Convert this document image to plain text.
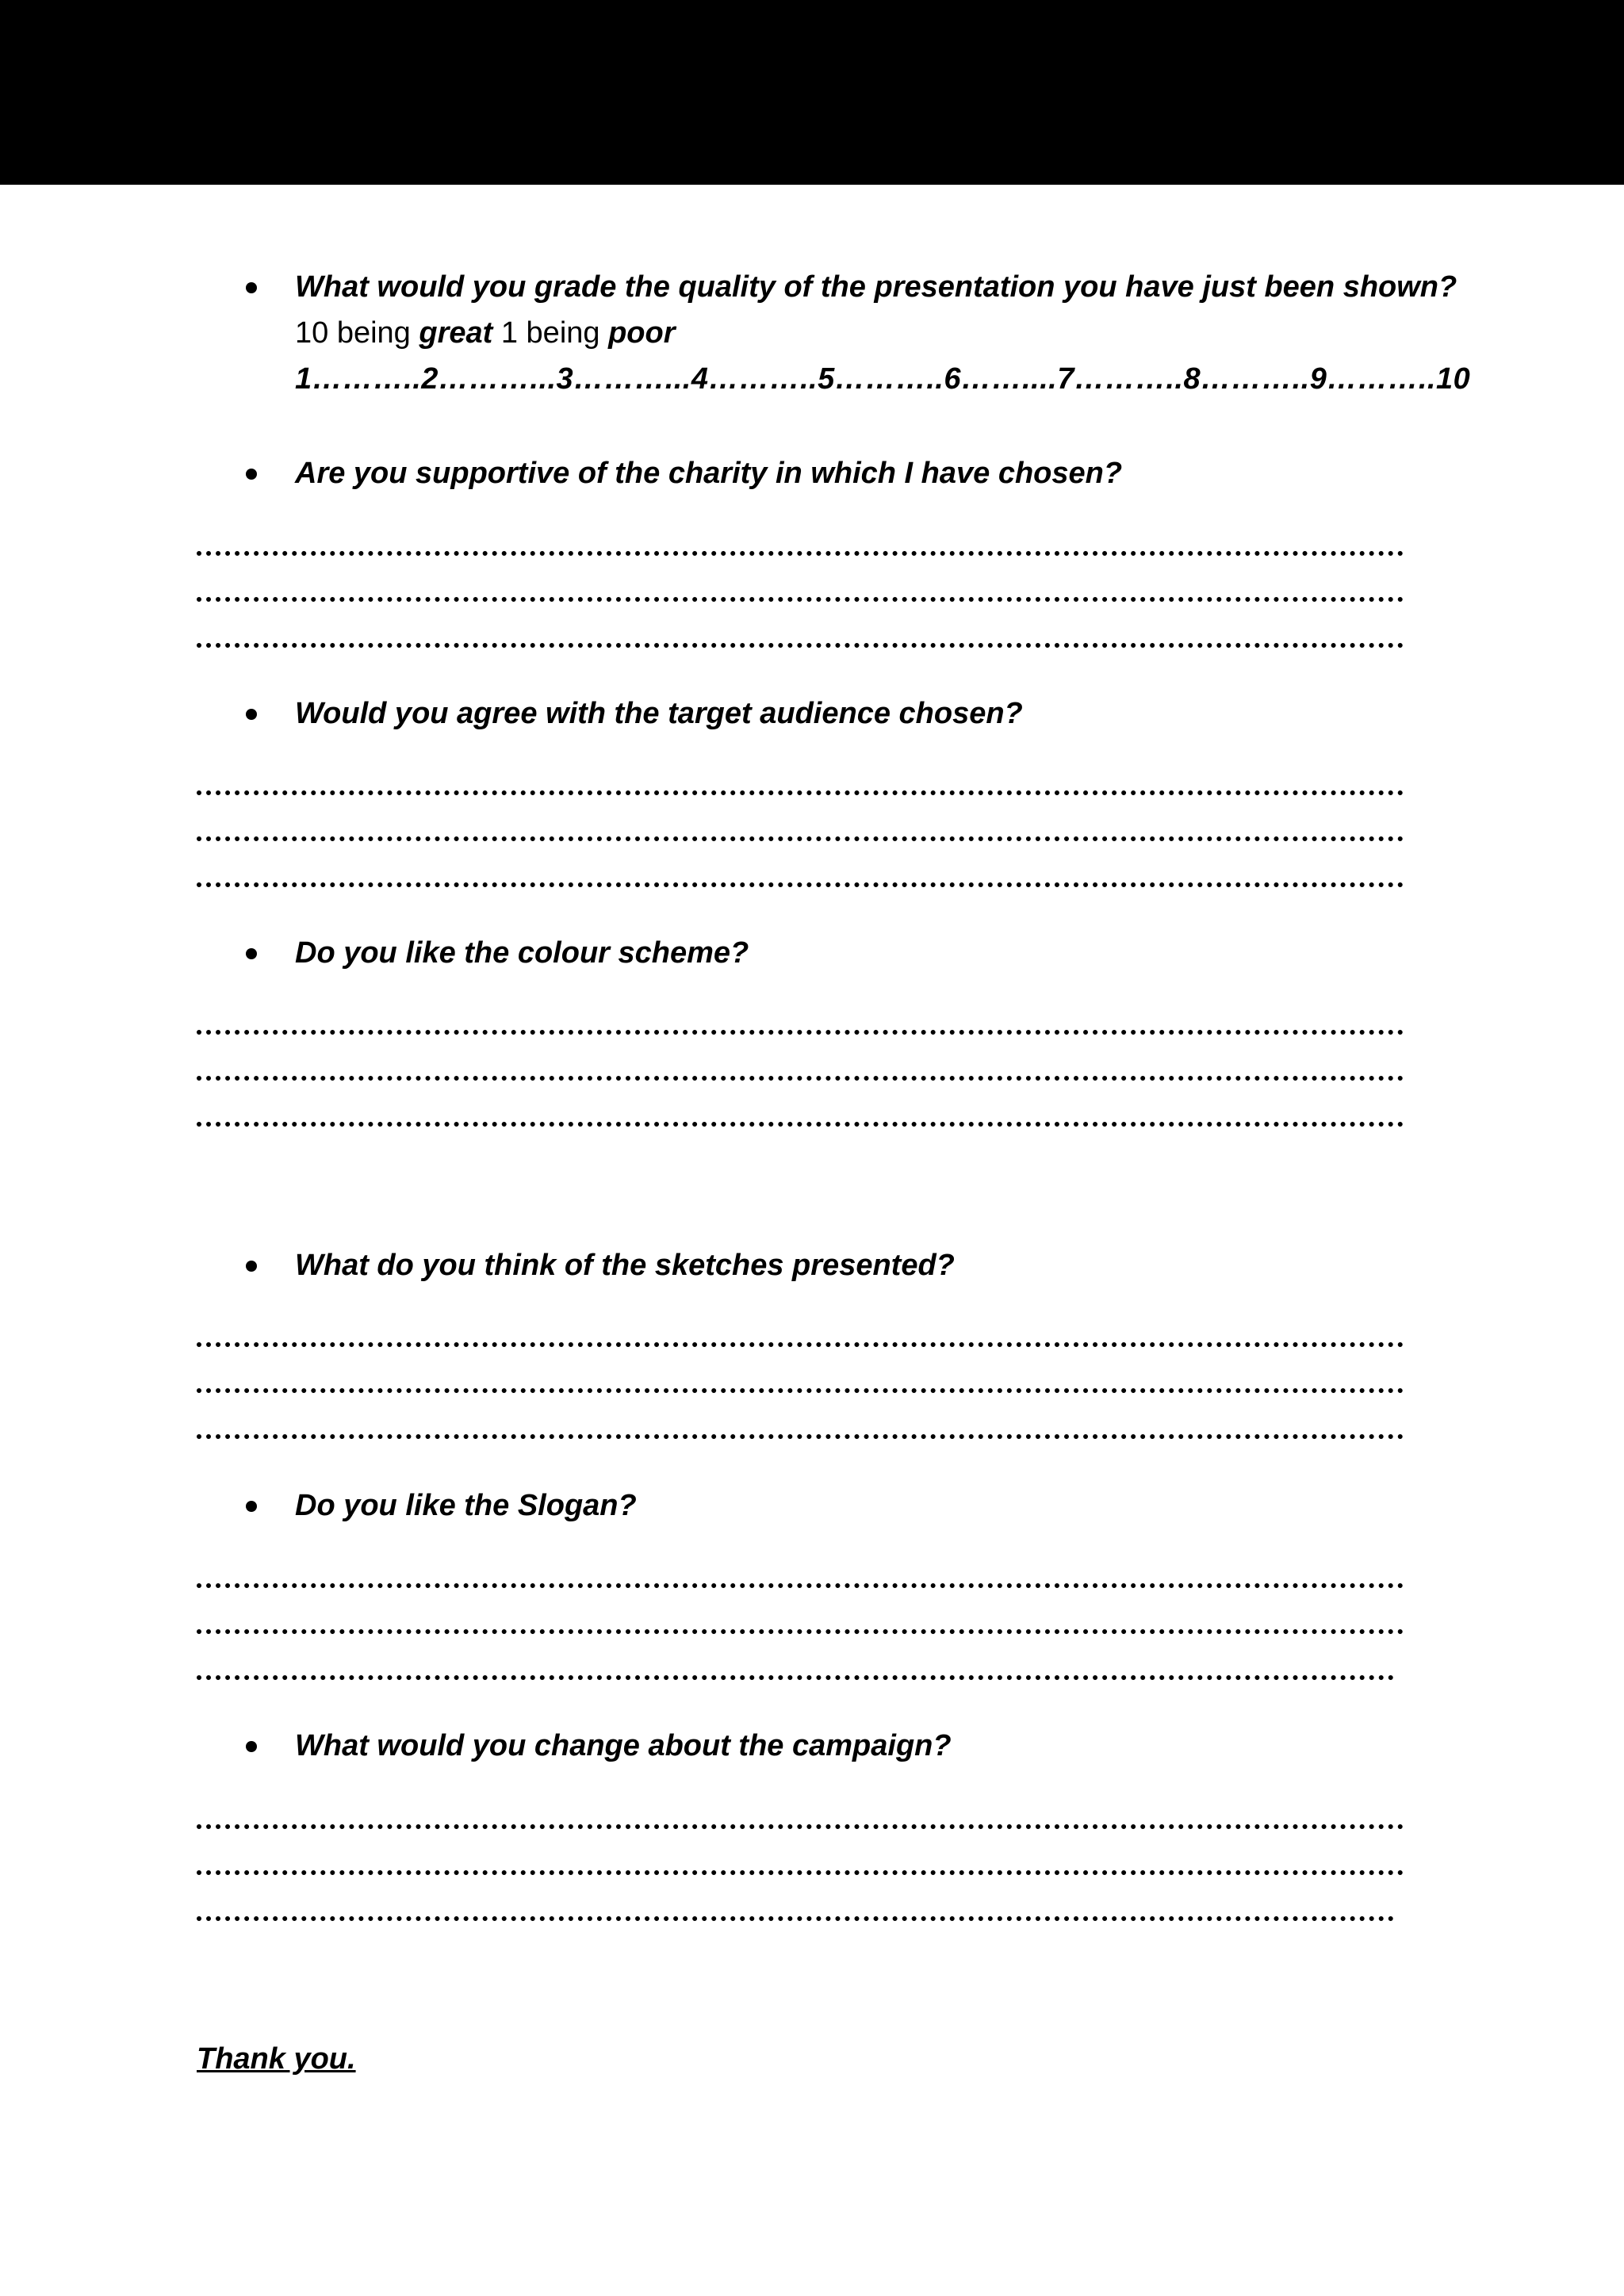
What would you grade the quality of the presentation you have just been shown?
10 being great 1 being poor
1………..2………...3………...4………..5………..6……....7………..8………..9………..10
Are you supportive of the charity in which I have chosen?
Would you agree with the target audience chosen?
Do you like the colour scheme?
What do you think of the sketches presented?
Do you like the Slogan?
What would you change about the campaign?
Thank you.
